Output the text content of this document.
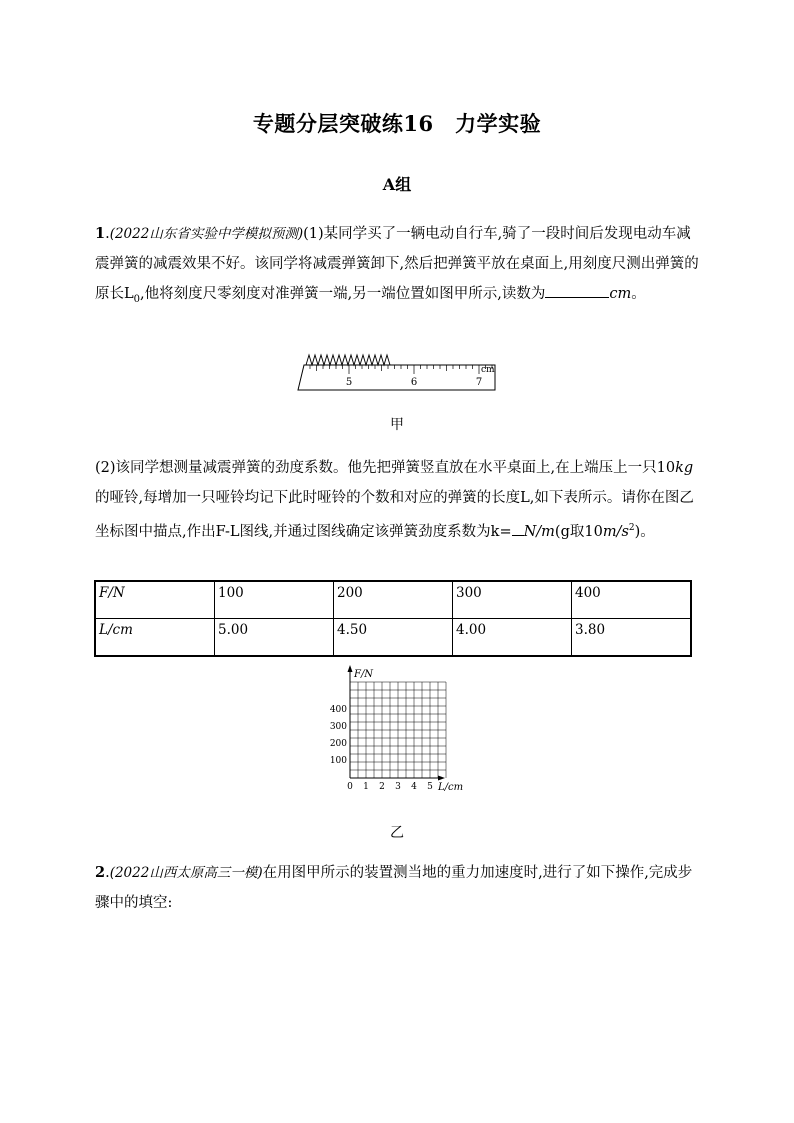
专题分层突破练16　力学实验
A组
1.(2022山东省实验中学模拟预测)(1)某同学买了一辆电动自行车,骑了一段时间后发现电动车减震弹簧的减震效果不好。该同学将减震弹簧卸下,然后把弹簧平放在桌面上,用刻度尺测出弹簧的原长$L_0$,他将刻度尺零刻度对准弹簧一端,另一端位置如图甲所示,读数为	cm。
cm
5	6	7
甲
(2)该同学想测量减震弹簧的劲度系数。他先把弹簧竖直放在水平桌面上,在上端压上一只10kg的哑铃,每增加一只哑铃均记下此时哑铃的个数和对应的弹簧的长度L,如下表所示。请你在图乙坐标图中描点,作出F-L图线,并通过图线确定该弹簧劲度系数为k= N/m(g取$10m/s^2$)。
F/N	100	200	300	400
L/cm	5.00	4.50	4.00	3.80
F/N
L/cm
400
300
200
100
0 1 2 3 4 5
乙
2.(2022山西太原高三一模)在用图甲所示的装置测当地的重力加速度时,进行了如下操作,完成步骤中的填空:
